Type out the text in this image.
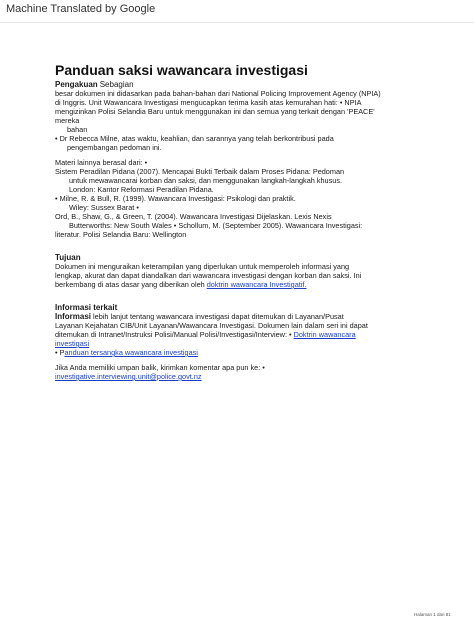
Machine Translated by Google
Panduan saksi wawancara investigasi
Pengakuan Sebagian
besar dokumen ini didasarkan pada bahan-bahan dari National Policing Improvement Agency (NPIA)
di Inggris. Unit Wawancara Investigasi mengucapkan terima kasih atas kemurahan hati: • NPIA
mengizinkan Polisi Selandia Baru untuk menggunakan ini dan semua yang terkait dengan 'PEACE'
mereka
bahan
• Dr Rebecca Milne, atas waktu, keahlian, dan sarannya yang telah berkontribusi pada
pengembangan pedoman ini.
Materi lainnya berasal dari: •
Sistem Peradilan Pidana (2007). Mencapai Bukti Terbaik dalam Proses Pidana: Pedoman
untuk mewawancarai korban dan saksi, dan menggunakan langkah-langkah khusus.
London: Kantor Reformasi Peradilan Pidana.
• Milne, R. & Bull, R. (1999). Wawancara Investigasi: Psikologi dan praktik.
Wiley: Sussex Barat •
Ord, B., Shaw, G., & Green, T. (2004). Wawancara Investigasi Dijelaskan. Lexis Nexis
Butterworths: New South Wales • Schollum, M. (September 2005). Wawancara Investigasi:
literatur. Polisi Selandia Baru: Wellington
Tujuan
Dokumen ini menguraikan keterampilan yang diperlukan untuk memperoleh informasi yang
lengkap, akurat dan dapat diandalkan dari wawancara investigasi dengan korban dan saksi. Ini
berkembang di atas dasar yang diberikan oleh doktrin wawancara Investigatif.
Informasi terkait
Informasi lebih lanjut tentang wawancara investigasi dapat ditemukan di Layanan/Pusat
Layanan Kejahatan CIB/Unit Layanan/Wawancara Investigasi. Dokumen lain dalam seri ini dapat
ditemukan di Intranet/Instruksi Polisi/Manual Polisi/Investigasi/Interview: • Doktrin wawancara
investigasi
• Panduan tersangka wawancara investigasi
Jika Anda memiliki umpan balik, kirimkan komentar apa pun ke: •
investigative.interviewing.unit@police.govt.nz
Halaman 1 dari 81
